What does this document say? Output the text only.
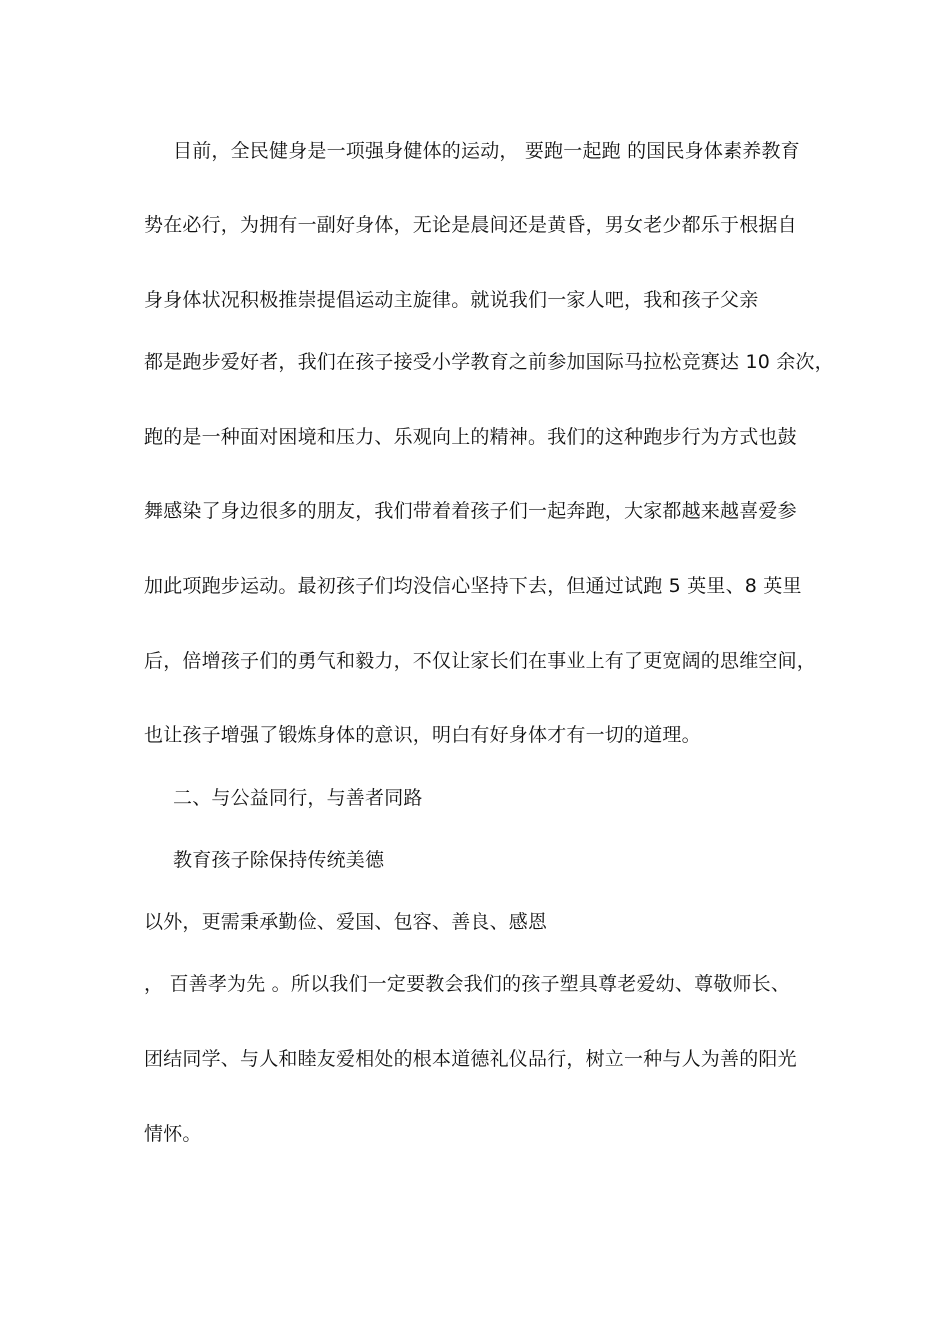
目前，全民健身是一项强身健体的运动， 要跑一起跑 的国民身体素养教育
势在必行，为拥有一副好身体，无论是晨间还是黄昏，男女老少都乐于根据自
身身体状况积极推崇提倡运动主旋律。就说我们一家人吧，我和孩子父亲
都是跑步爱好者，我们在孩子接受小学教育之前参加国际马拉松竞赛达 10 余次，
跑的是一种面对困境和压力、乐观向上的精神。我们的这种跑步行为方式也鼓
舞感染了身边很多的朋友，我们带着着孩子们一起奔跑，大家都越来越喜爱参
加此项跑步运动。最初孩子们均没信心坚持下去，但通过试跑 5 英里、8 英里
后，倍增孩子们的勇气和毅力，不仅让家长们在事业上有了更宽阔的思维空间，
也让孩子增强了锻炼身体的意识，明白有好身体才有一切的道理。
二、与公益同行，与善者同路
教育孩子除保持传统美德
以外，更需秉承勤俭、爱国、包容、善良、感恩
， 百善孝为先 。所以我们一定要教会我们的孩子塑具尊老爱幼、尊敬师长、
团结同学、与人和睦友爱相处的根本道德礼仪品行，树立一种与人为善的阳光
情怀。
